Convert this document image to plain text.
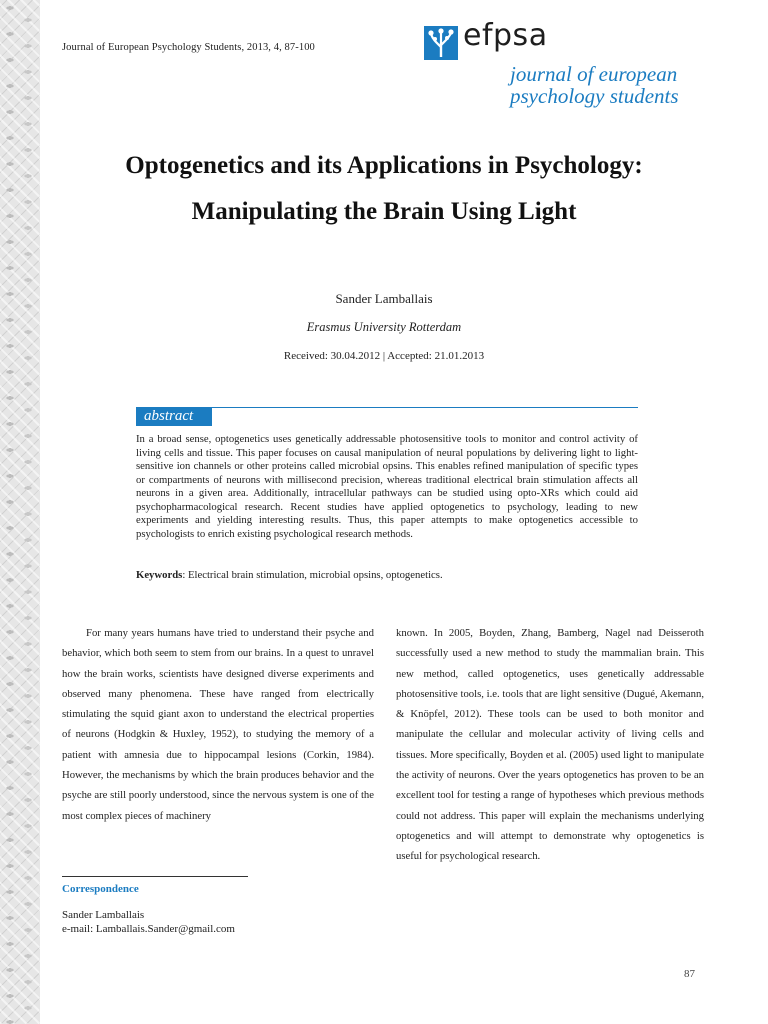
Journal of European Psychology Students, 2013, 4, 87-100	efpsa
journal of european
psychology students
Optogenetics and its Applications in Psychology:
Manipulating the Brain Using Light
Sander Lamballais
Erasmus University Rotterdam
Received: 30.04.2012 | Accepted: 21.01.2013
abstract
In a broad sense, optogenetics uses genetically addressable photosensitive tools to monitor and control activity of living cells and tissue. This paper focuses on causal manipulation of neural populations by delivering light to light-sensitive ion channels or other proteins called microbial opsins. This enables refined manipulation of specific types or compartments of neurons with millisecond precision, whereas traditional electrical brain stimulation affects all neurons in a given area. Additionally, intracellular pathways can be studied using opto-XRs which could aid psychopharmacological research. Recent studies have applied optogenetics to psychology, leading to new experiments and yielding interesting results. Thus, this paper attempts to make optogenetics accessible to psychologists to enrich existing psychological research methods.
Keywords: Electrical brain stimulation, microbial opsins, optogenetics.
For many years humans have tried to understand their psyche and behavior, which both seem to stem from our brains. In a quest to unravel how the brain works, scientists have designed diverse experiments and observed many phenomena. These have ranged from electrically stimulating the squid giant axon to understand the electrical properties of neurons (Hodgkin & Huxley, 1952), to studying the memory of a patient with amnesia due to hippocampal lesions (Corkin, 1984). However, the mechanisms by which the brain produces behavior and the psyche are still poorly understood, since the nervous system is one of the most complex pieces of machinery
known. In 2005, Boyden, Zhang, Bamberg, Nagel nad Deisseroth successfully used a new method to study the mammalian brain. This new method, called optogenetics, uses genetically addressable photosensitive tools, i.e. tools that are light sensitive (Dugué, Akemann, & Knöpfel, 2012). These tools can be used to both monitor and manipulate the cellular and molecular activity of living cells and tissues. More specifically, Boyden et al. (2005) used light to manipulate the activity of neurons. Over the years optogenetics has proven to be an excellent tool for testing a range of hypotheses which previous methods could not address. This paper will explain the mechanisms underlying optogenetics and will attempt to demonstrate why optogenetics is useful for psychological research.
Correspondence
Sander Lamballais
e-mail: Lamballais.Sander@gmail.com
87
